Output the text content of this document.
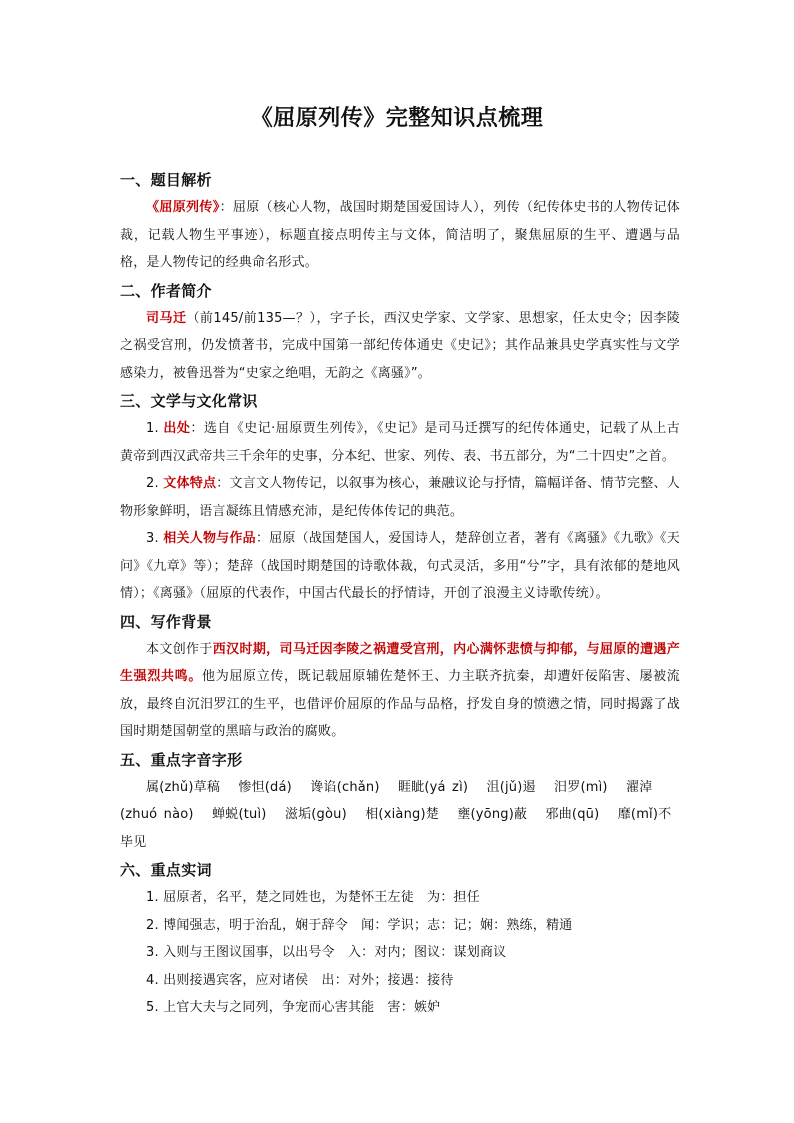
《屈原列传》完整知识点梳理

一、题目解析

《屈原列传》：屈原（核心人物，战国时期楚国爱国诗人），列传（纪传体史书的人物传记体裁，记载人物生平事迹），标题直接点明传主与文体，简洁明了，聚焦屈原的生平、遭遇与品格，是人物传记的经典命名形式。

二、作者简介

司马迁（前145/前135—？），字子长，西汉史学家、文学家、思想家，任太史令；因李陵之祸受宫刑，仍发愤著书，完成中国第一部纪传体通史《史记》；其作品兼具史学真实性与文学感染力，被鲁迅誉为“史家之绝唱，无韵之《离骚》”。

三、文学与文化常识

1. 出处：选自《史记·屈原贾生列传》，《史记》是司马迁撰写的纪传体通史，记载了从上古黄帝到西汉武帝共三千余年的史事，分本纪、世家、列传、表、书五部分，为“二十四史”之首。

2. 文体特点：文言文人物传记，以叙事为核心，兼融议论与抒情，篇幅详备、情节完整、人物形象鲜明，语言凝练且情感充沛，是纪传体传记的典范。

3. 相关人物与作品：屈原（战国楚国人，爱国诗人，楚辞创立者，著有《离骚》《九歌》《天问》《九章》等）；楚辞（战国时期楚国的诗歌体裁，句式灵活，多用“兮”字，具有浓郁的楚地风情）；《离骚》（屈原的代表作，中国古代最长的抒情诗，开创了浪漫主义诗歌传统）。

四、写作背景

本文创作于西汉时期，司马迁因李陵之祸遭受宫刑，内心满怀悲愤与抑郁，与屈原的遭遇产生强烈共鸣。他为屈原立传，既记载屈原辅佐楚怀王、力主联齐抗秦，却遭奸佞陷害、屡被流放，最终自沉汨罗江的生平，也借评价屈原的作品与品格，抒发自身的愤懑之情，同时揭露了战国时期楚国朝堂的黑暗与政治的腐败。

五、重点字音字形

属(zhǔ)草稿 惨怛(dá) 谗谄(chǎn) 睚眦(yá zì) 沮(jǔ)遏 汨罗(mì) 濯淖(zhuó nào) 蝉蜕(tuì) 滋垢(gòu) 相(xiàng)楚 壅(yōng)蔽 邪曲(qū) 靡(mǐ)不毕见

六、重点实词

1. 屈原者，名平，楚之同姓也，为楚怀王左徒　为：担任

2. 博闻强志，明于治乱，娴于辞令　闻：学识；志：记；娴：熟练，精通

3. 入则与王图议国事，以出号令　入：对内；图议：谋划商议

4. 出则接遇宾客，应对诸侯　出：对外；接遇：接待

5. 上官大夫与之同列，争宠而心害其能　害：嫉妒
